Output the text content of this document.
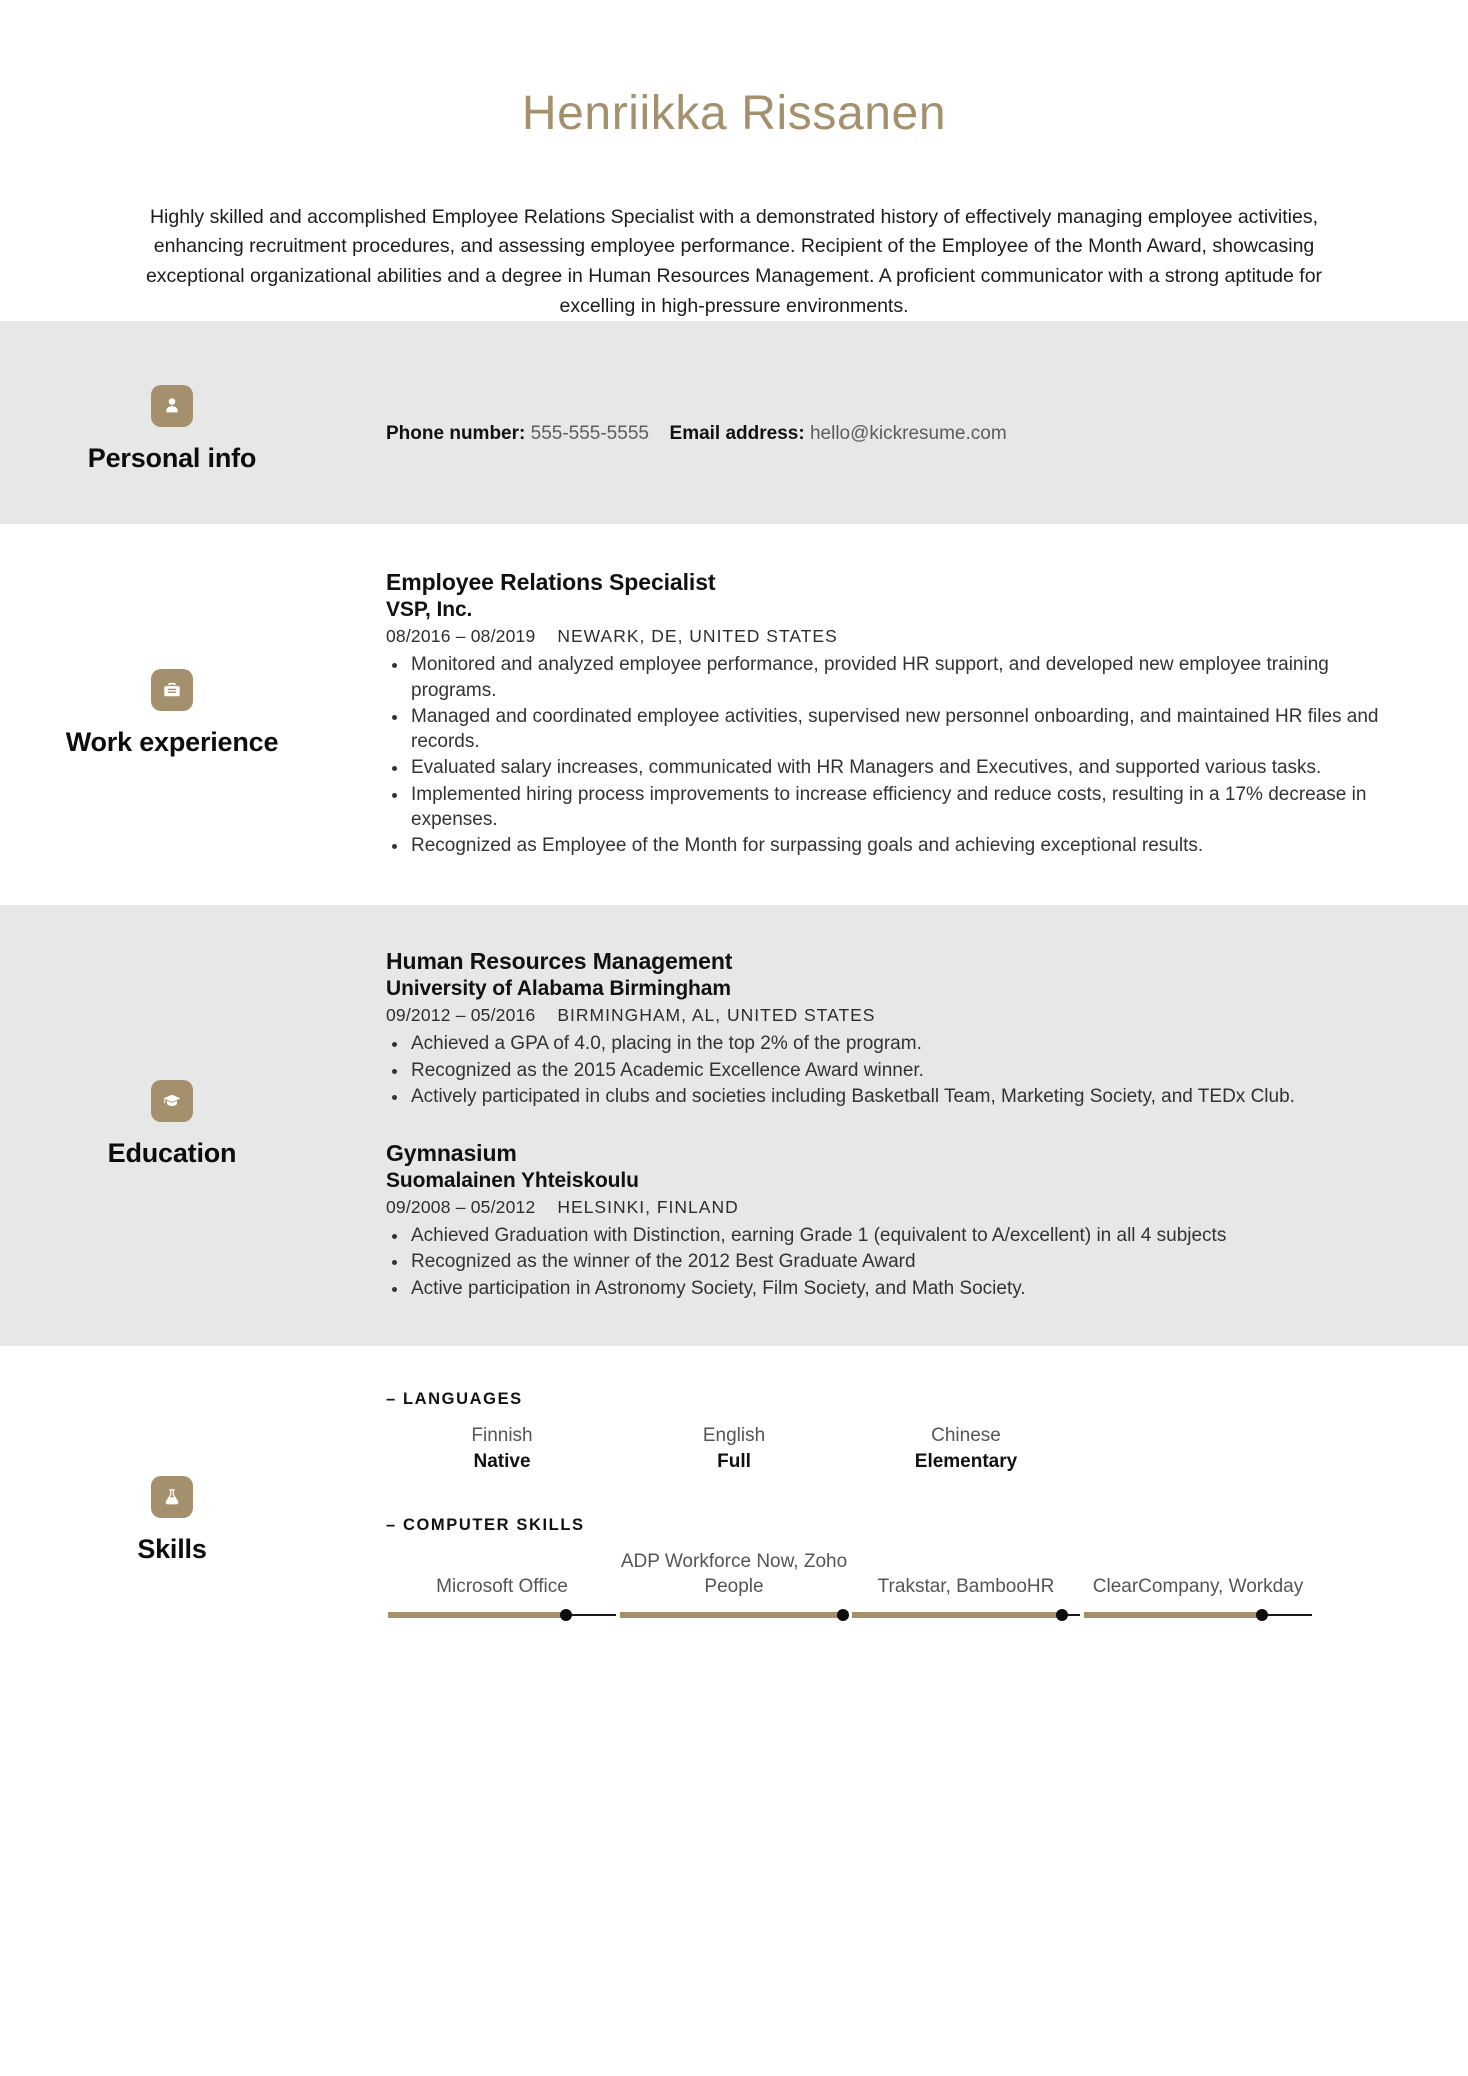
Henriikka Rissanen

Highly skilled and accomplished Employee Relations Specialist with a demonstrated history of effectively managing employee activities, enhancing recruitment procedures, and assessing employee performance. Recipient of the Employee of the Month Award, showcasing exceptional organizational abilities and a degree in Human Resources Management. A proficient communicator with a strong aptitude for excelling in high-pressure environments.

Personal info
Phone number: 555-555-5555 Email address: hello@kickresume.com
Work experience
Employee Relations Specialist
VSP, Inc.
08/2016 – 08/2019 NEWARK, DE, UNITED STATES
Monitored and analyzed employee performance, provided HR support, and developed new employee training programs.
Managed and coordinated employee activities, supervised new personnel onboarding, and maintained HR files and records.
Evaluated salary increases, communicated with HR Managers and Executives, and supported various tasks.
Implemented hiring process improvements to increase efficiency and reduce costs, resulting in a 17% decrease in expenses.
Recognized as Employee of the Month for surpassing goals and achieving exceptional results.
Education
Human Resources Management
University of Alabama Birmingham
09/2012 – 05/2016 BIRMINGHAM, AL, UNITED STATES
Achieved a GPA of 4.0, placing in the top 2% of the program.
Recognized as the 2015 Academic Excellence Award winner.
Actively participated in clubs and societies including Basketball Team, Marketing Society, and TEDx Club.
Gymnasium
Suomalainen Yhteiskoulu
09/2008 – 05/2012 HELSINKI, FINLAND
Achieved Graduation with Distinction, earning Grade 1 (equivalent to A/excellent) in all 4 subjects
Recognized as the winner of the 2012 Best Graduate Award
Active participation in Astronomy Society, Film Society, and Math Society.
Skills
– LANGUAGES
Finnish
Native
English
Full
Chinese
Elementary
– COMPUTER SKILLS
Microsoft Office
ADP Workforce Now, Zoho People	Trakstar, BambooHR	ClearCompany, Workday
